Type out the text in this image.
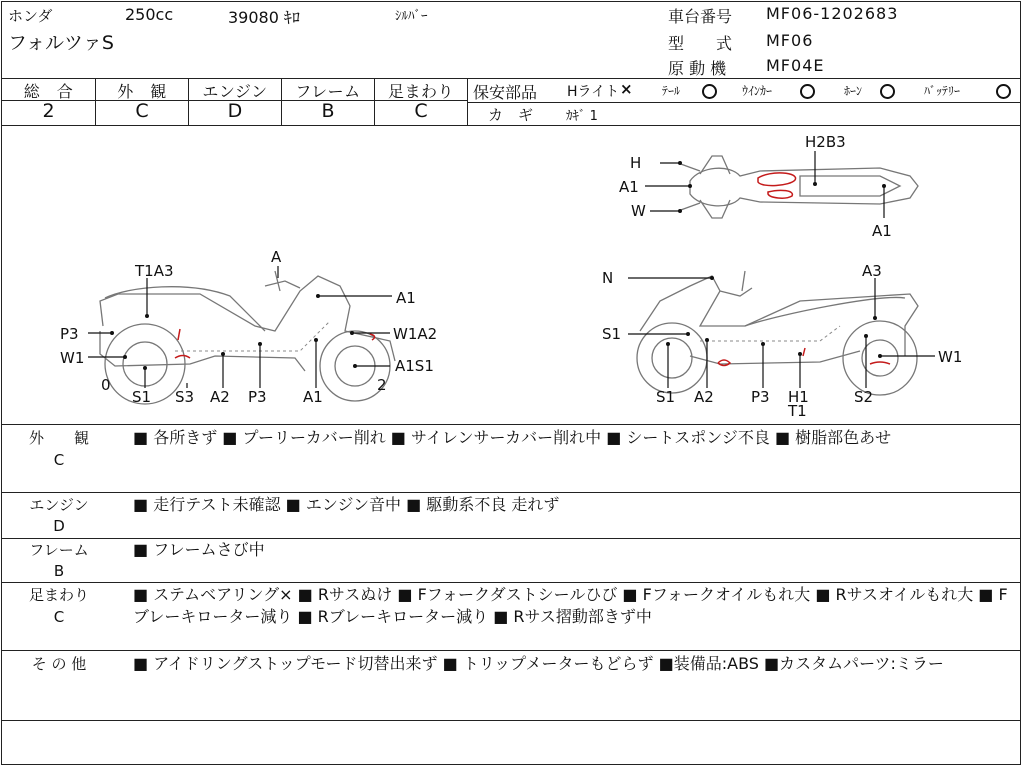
ホンダ	250cc	39080 ｷﾛ	ｼﾙﾊﾞｰ
フォルツァS
車台番号 MF06-1202683
型　　式 MF06
原 動 機 MF04E
総　合	外　観	エンジン	フレーム	足まわり
2	C	D	B	C
保安部品 Hライト × ﾃｰﾙ	ｳｲﾝｶｰ	ﾎｰﾝ	ﾊﾞｯﾃﾘｰ
カ　ギ	ｶｷﾞ 1
T1A3
A
A1
P3	W1A2
W1	A1S1
0	2
S1 S3 A2 P3 A1
H
A1
W
H2B3
A1
N	A3
S1
W1
S1 A2 P3 H1
T1
S2
外　　観
C
■ 各所きず ■ プーリーカバー削れ ■ サイレンサーカバー削れ中 ■ シートスポンジ不良 ■ 樹脂部色あせ
エンジン
D
■ 走行テスト未確認 ■ エンジン音中 ■ 駆動系不良 走れず
フレーム
B
■ フレームさび中
足まわり
C
■ ステムベアリング× ■ Rサスぬけ ■ Fフォークダストシールひび ■ Fフォークオイルもれ大 ■ Rサスオイルもれ大 ■ Fブレーキローター減り ■ Rブレーキローター減り ■ Rサス摺動部きず中
そ の 他	■ アイドリングストップモード切替出来ず ■ トリップメーターもどらず ■装備品:ABS ■カスタムパーツ:ミラー
